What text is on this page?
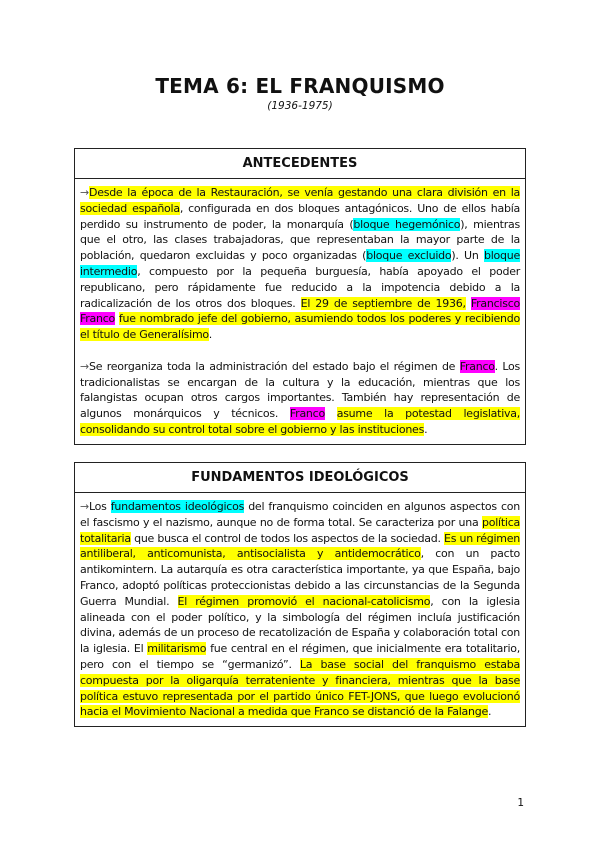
TEMA 6: EL FRANQUISMO
(1936-1975)
ANTECEDENTES

→Desde la época de la Restauración, se venía gestando una clara división en la sociedad española, configurada en dos bloques antagónicos. Uno de ellos había perdido su instrumento de poder, la monarquía (bloque hegemónico), mientras que el otro, las clases trabajadoras, que representaban la mayor parte de la población, quedaron excluidas y poco organizadas (bloque excluido). Un bloque intermedio, compuesto por la pequeña burguesía, había apoyado el poder republicano, pero rápidamente fue reducido a la impotencia debido a la radicalización de los otros dos bloques. El 29 de septiembre de 1936, Francisco Franco fue nombrado jefe del gobierno, asumiendo todos los poderes y recibiendo el título de Generalísimo.

→Se reorganiza toda la administración del estado bajo el régimen de Franco. Los tradicionalistas se encargan de la cultura y la educación, mientras que los falangistas ocupan otros cargos importantes. También hay representación de algunos monárquicos y técnicos. Franco asume la potestad legislativa, consolidando su control total sobre el gobierno y las instituciones.

FUNDAMENTOS IDEOLÓGICOS

→Los fundamentos ideológicos del franquismo coinciden en algunos aspectos con el fascismo y el nazismo, aunque no de forma total. Se caracteriza por una política totalitaria que busca el control de todos los aspectos de la sociedad. Es un régimen antiliberal, anticomunista, antisocialista y antidemocrático, con un pacto antikomintern. La autarquía es otra característica importante, ya que España, bajo Franco, adoptó políticas proteccionistas debido a las circunstancias de la Segunda Guerra Mundial. El régimen promovió el nacional-catolicismo, con la iglesia alineada con el poder político, y la simbología del régimen incluía justificación divina, además de un proceso de recatolización de España y colaboración total con la iglesia. El militarismo fue central en el régimen, que inicialmente era totalitario, pero con el tiempo se “germanizó”. La base social del franquismo estaba compuesta por la oligarquía terrateniente y financiera, mientras que la base política estuvo representada por el partido único FET-JONS, que luego evolucionó hacia el Movimiento Nacional a medida que Franco se distanció de la Falange.

1
